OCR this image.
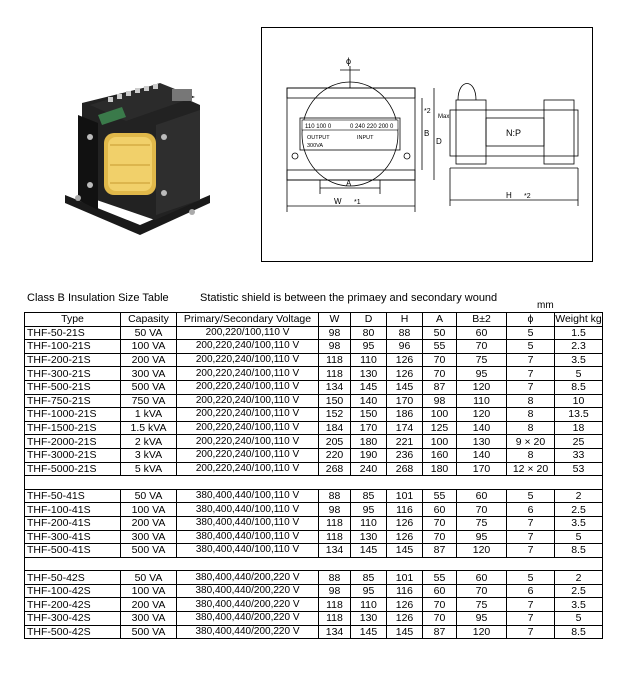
110 100 0	0 240 220 200 0
OUTPUT	INPUT
300VA
ϕ
A
W *1
B
D
*2
Max
N:P
H *2
Class B Insulation Size Table	Statistic shield is between the primaey and secondary wound
mm
Type	Capasity	Primary/Secondary Voltage	W	D	H	A	B±2	ϕ	Weight kg
THF-50-21S	50 VA	200,220/100,110 V	98	80	88	50	60	5	1.5
THF-100-21S	100 VA	200,220,240/100,110 V	98	95	96	55	70	5	2.3
THF-200-21S	200 VA	200,220,240/100,110 V	118	110	126	70	75	7	3.5
THF-300-21S	300 VA	200,220,240/100,110 V	118	130	126	70	95	7	5
THF-500-21S	500 VA	200,220,240/100,110 V	134	145	145	87	120	7	8.5
THF-750-21S	750 VA	200,220,240/100,110 V	150	140	170	98	110	8	10
THF-1000-21S	1 kVA	200,220,240/100,110 V	152	150	186	100	120	8	13.5
THF-1500-21S	1.5 kVA	200,220,240/100,110 V	184	170	174	125	140	8	18
THF-2000-21S	2 kVA	200,220,240/100,110 V	205	180	221	100	130	9 × 20	25
THF-3000-21S	3 kVA	200,220,240/100,110 V	220	190	236	160	140	8	33
THF-5000-21S	5 kVA	200,220,240/100,110 V	268	240	268	180	170	12 × 20	53

THF-50-41S	50 VA	380,400,440/100,110 V	88	85	101	55	60	5	2
THF-100-41S	100 VA	380,400,440/100,110 V	98	95	116	60	70	6	2.5
THF-200-41S	200 VA	380,400,440/100,110 V	118	110	126	70	75	7	3.5
THF-300-41S	300 VA	380,400,440/100,110 V	118	130	126	70	95	7	5
THF-500-41S	500 VA	380,400,440/100,110 V	134	145	145	87	120	7	8.5

THF-50-42S	50 VA	380,400,440/200,220 V	88	85	101	55	60	5	2
THF-100-42S	100 VA	380,400,440/200,220 V	98	95	116	60	70	6	2.5
THF-200-42S	200 VA	380,400,440/200,220 V	118	110	126	70	75	7	3.5
THF-300-42S	300 VA	380,400,440/200,220 V	118	130	126	70	95	7	5
THF-500-42S	500 VA	380,400,440/200,220 V	134	145	145	87	120	7	8.5
